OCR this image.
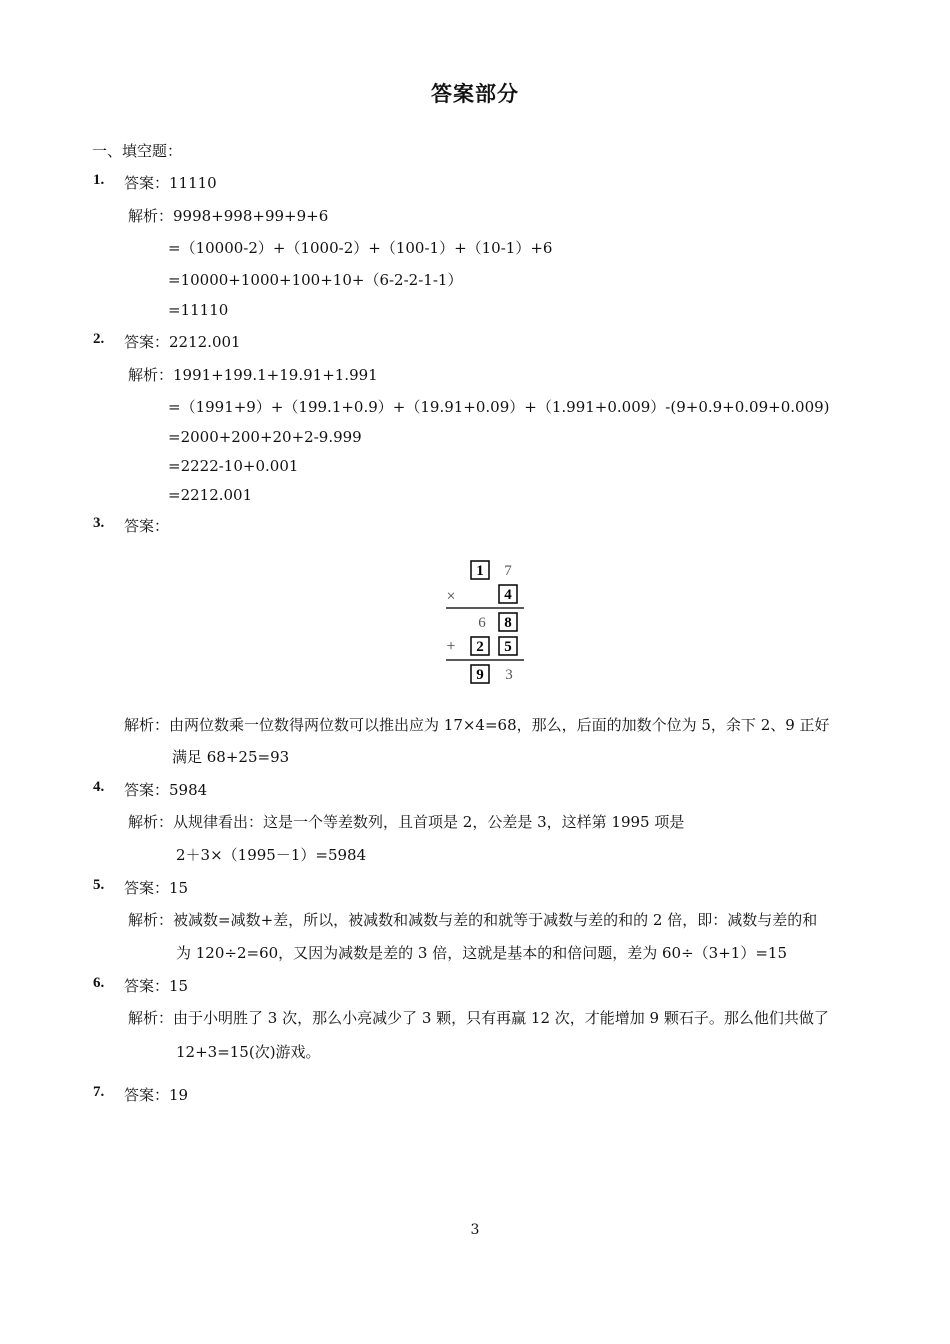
答案部分
一、填空题：
1. 答案：11110
解析：9998+998+99+9+6
=（10000-2）+（1000-2）+（100-1）+（10-1）+6
=10000+1000+100+10+（6-2-2-1-1）
=11110
2. 答案：2212.001
解析：1991+199.1+19.91+1.991
=（1991+9）+（199.1+0.9）+（19.91+0.09）+（1.991+0.009）-(9+0.9+0.09+0.009)
=2000+200+20+2-9.999
=2222-10+0.001
=2212.001
3. 答案：
1 7
×	4
6 8
+ 2 5
9 3
解析：由两位数乘一位数得两位数可以推出应为 17×4=68，那么，后面的加数个位为 5，余下 2、9 正好
满足 68+25=93
4. 答案：5984
解析：从规律看出：这是一个等差数列，且首项是 2，公差是 3，这样第 1995 项是
2＋3×（1995－1）=5984
5. 答案：15
解析：被减数=减数+差，所以，被减数和减数与差的和就等于减数与差的和的 2 倍，即：减数与差的和
为 120÷2=60，又因为减数是差的 3 倍，这就是基本的和倍问题，差为 60÷（3+1）=15
6. 答案：15
解析：由于小明胜了 3 次，那么小亮减少了 3 颗，只有再赢 12 次，才能增加 9 颗石子。那么他们共做了
12+3=15(次)游戏。
7. 答案：19
3
